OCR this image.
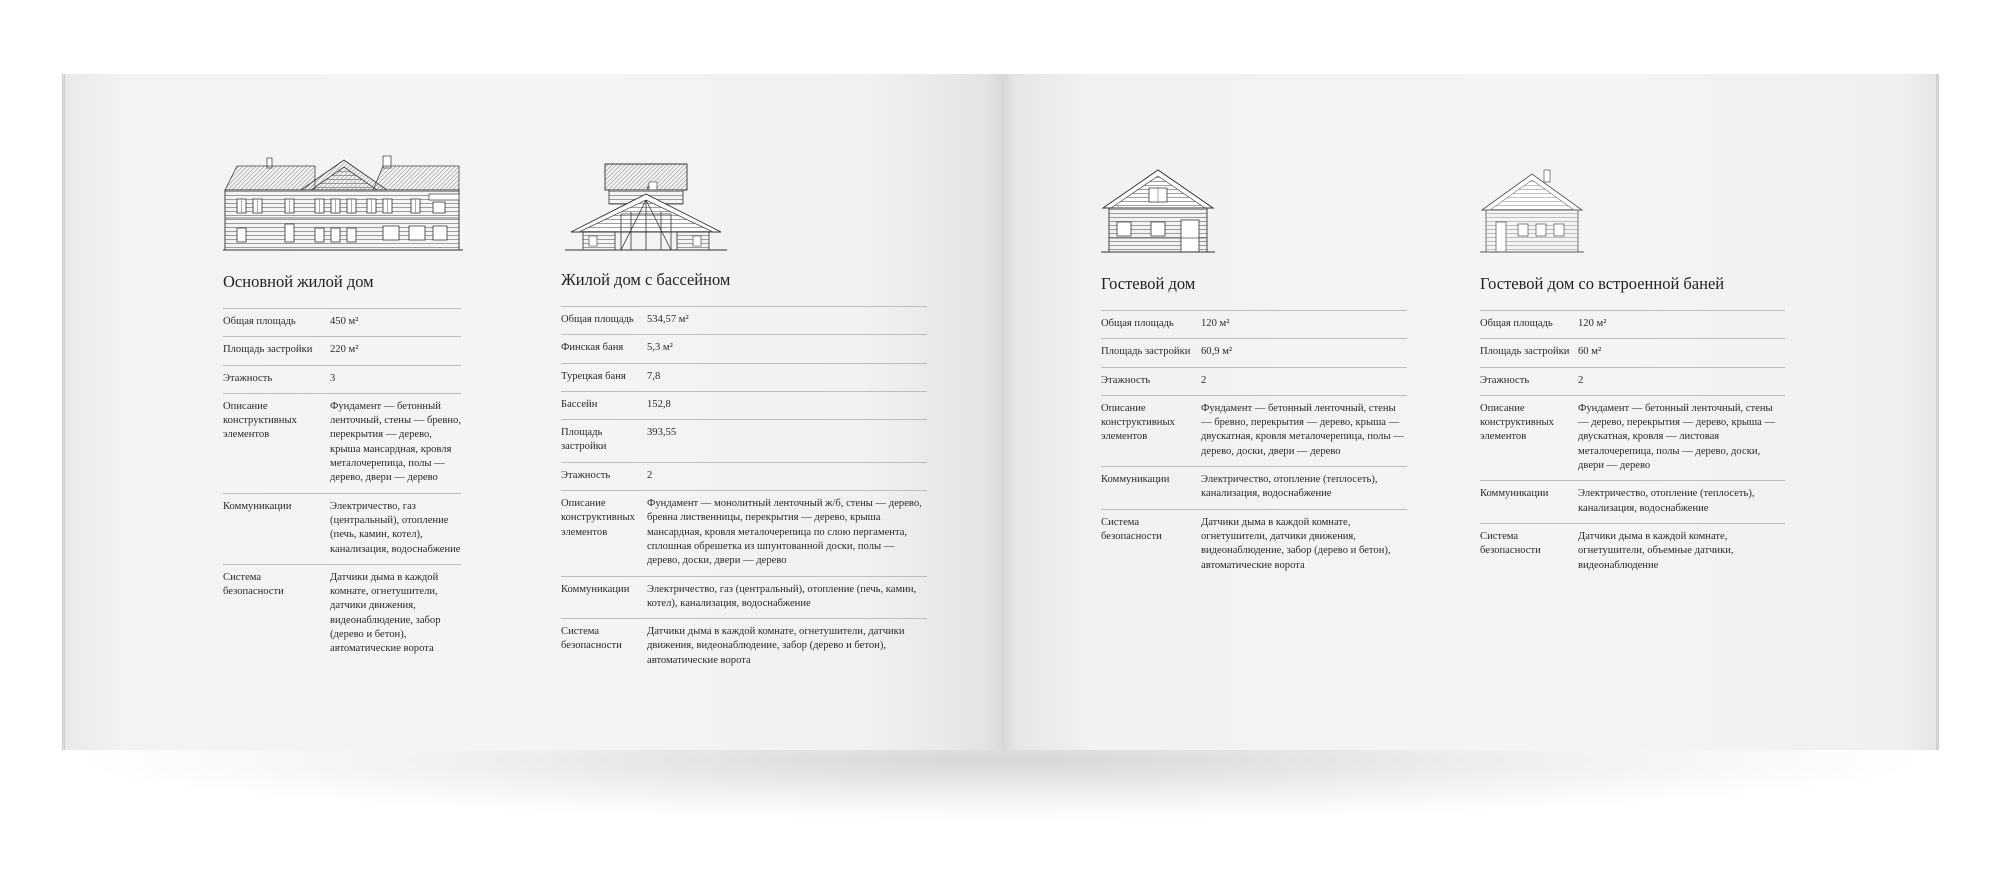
Основной жилой дом
Общая площадь	450 м²
Площадь застройки	220 м²
Этажность	3
Описание конструктивных элементов	Фундамент — бетонный ленточный, стены — бревно, перекрытия — дерево, крыша мансардная, кровля металочерепица, полы — дерево, двери — дерево
Коммуникации	Электричество, газ (центральный), отопление (печь, камин, котел), канализация, водоснабжение
Система безопасности	Датчики дыма в каждой комнате, огнетушители, датчики движения, видеонаблюдение, забор (дерево и бетон), автоматические ворота
Жилой дом с бассейном
Общая площадь	534,57 м²
Финская баня	5,3 м²
Турецкая баня	7,8
Бассейн	152,8
Площадь застройки	393,55
Этажность	2
Описание конструктивных элементов	Фундамент — монолитный ленточный ж/б, стены — дерево, бревна лиственницы, перекрытия — дерево, крыша мансардная, кровля металочерепица по слою пергамента, сплошная обрешетка из шпунтованной доски, полы — дерево, доски, двери — дерево
Коммуникации	Электричество, газ (центральный), отопление (печь, камин, котел), канализация, водоснабжение
Система безопасности	Датчики дыма в каждой комнате, огнетушители, датчики движения, видеонаблюдение, забор (дерево и бетон), автоматические ворота
Гостевой дом
Общая площадь	120 м²
Площадь застройки	60,9 м²
Этажность	2
Описание конструктивных элементов	Фундамент — бетонный ленточный, стены — бревно, перекрытия — дерево, крыша — двускатная, кровля металочерепица, полы — дерево, доски, двери — дерево
Коммуникации	Электричество, отопление (теплосеть), канализация, водоснабжение
Система безопасности	Датчики дыма в каждой комнате, огнетушители, датчики движения, видеонаблюдение, забор (дерево и бетон), автоматические ворота
Гостевой дом со встроенной баней
Общая площадь	120 м²
Площадь застройки	60 м²
Этажность	2
Описание конструктивных элементов	Фундамент — бетонный ленточный, стены — дерево, перекрытия — дерево, крыша — двускатная, кровля — листовая металочерепица, полы — дерево, доски, двери — дерево
Коммуникации	Электричество, отопление (теплосеть), канализация, водоснабжение
Система безопасности	Датчики дыма в каждой комнате, огнетушители, объемные датчики, видеонаблюдение
